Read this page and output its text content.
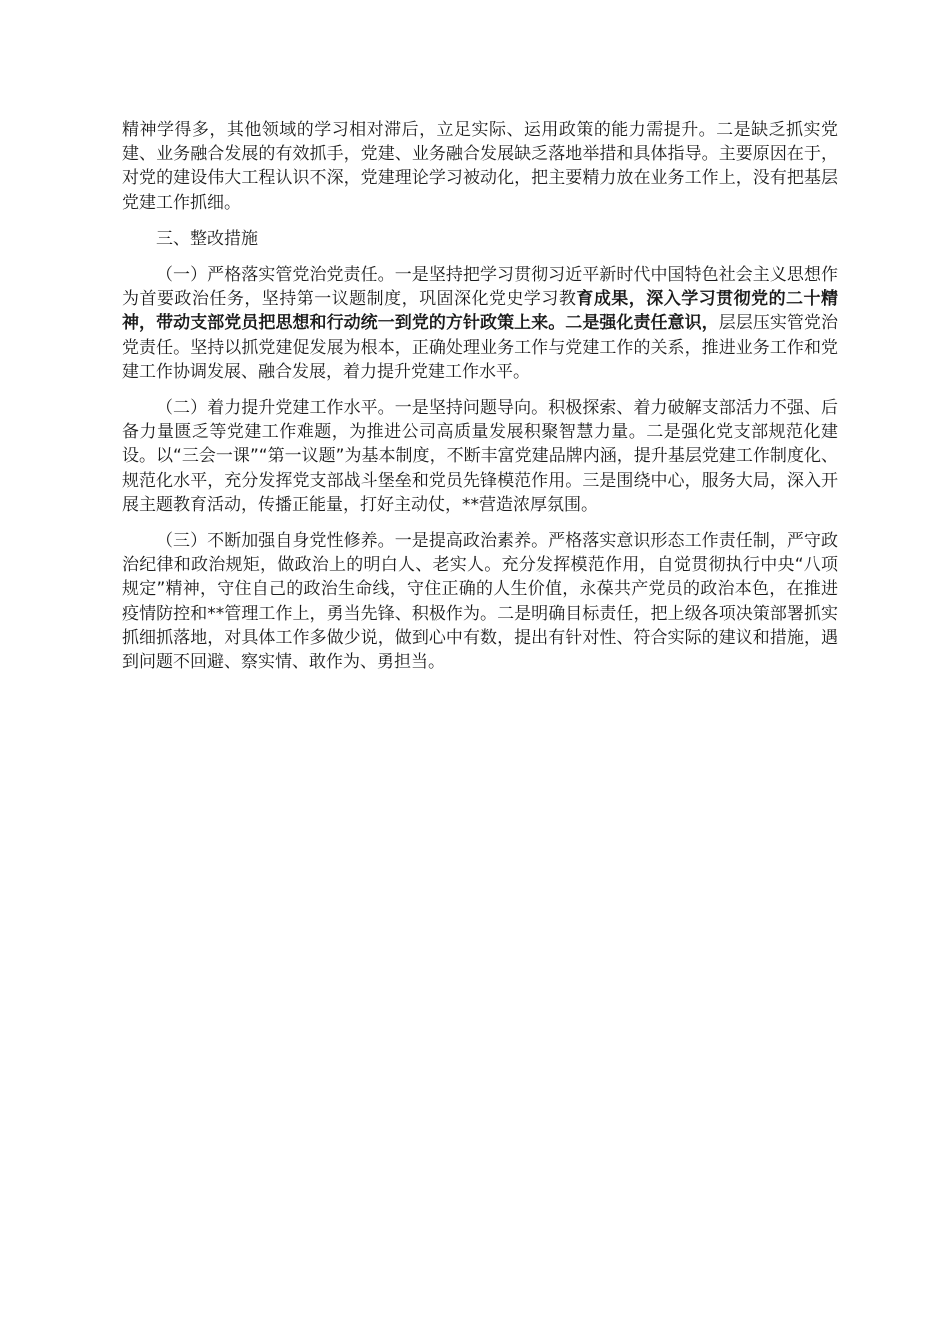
精神学得多，其他领域的学习相对滞后，立足实际、运用政策的能力需提升。二是缺乏抓实党建、业务融合发展的有效抓手，党建、业务融合发展缺乏落地举措和具体指导。主要原因在于，对党的建设伟大工程认识不深，党建理论学习被动化，把主要精力放在业务工作上，没有把基层党建工作抓细。

三、整改措施

（一）严格落实管党治党责任。一是坚持把学习贯彻习近平新时代中国特色社会主义思想作为首要政治任务，坚持第一议题制度，巩固深化党史学习教育成果，深入学习贯彻党的二十精神，带动支部党员把思想和行动统一到党的方针政策上来。二是强化责任意识，层层压实管党治党责任。坚持以抓党建促发展为根本，正确处理业务工作与党建工作的关系，推进业务工作和党建工作协调发展、融合发展，着力提升党建工作水平。

（二）着力提升党建工作水平。一是坚持问题导向。积极探索、着力破解支部活力不强、后备力量匮乏等党建工作难题，为推进公司高质量发展积聚智慧力量。二是强化党支部规范化建设。以“三会一课”“第一议题”为基本制度，不断丰富党建品牌内涵，提升基层党建工作制度化、规范化水平，充分发挥党支部战斗堡垒和党员先锋模范作用。三是围绕中心，服务大局，深入开展主题教育活动，传播正能量，打好主动仗，**营造浓厚氛围。

（三）不断加强自身党性修养。一是提高政治素养。严格落实意识形态工作责任制，严守政治纪律和政治规矩，做政治上的明白人、老实人。充分发挥模范作用，自觉贯彻执行中央“八项规定”精神，守住自己的政治生命线，守住正确的人生价值，永葆共产党员的政治本色，在推进疫情防控和**管理工作上，勇当先锋、积极作为。二是明确目标责任，把上级各项决策部署抓实抓细抓落地，对具体工作多做少说，做到心中有数，提出有针对性、符合实际的建议和措施，遇到问题不回避、察实情、敢作为、勇担当。
